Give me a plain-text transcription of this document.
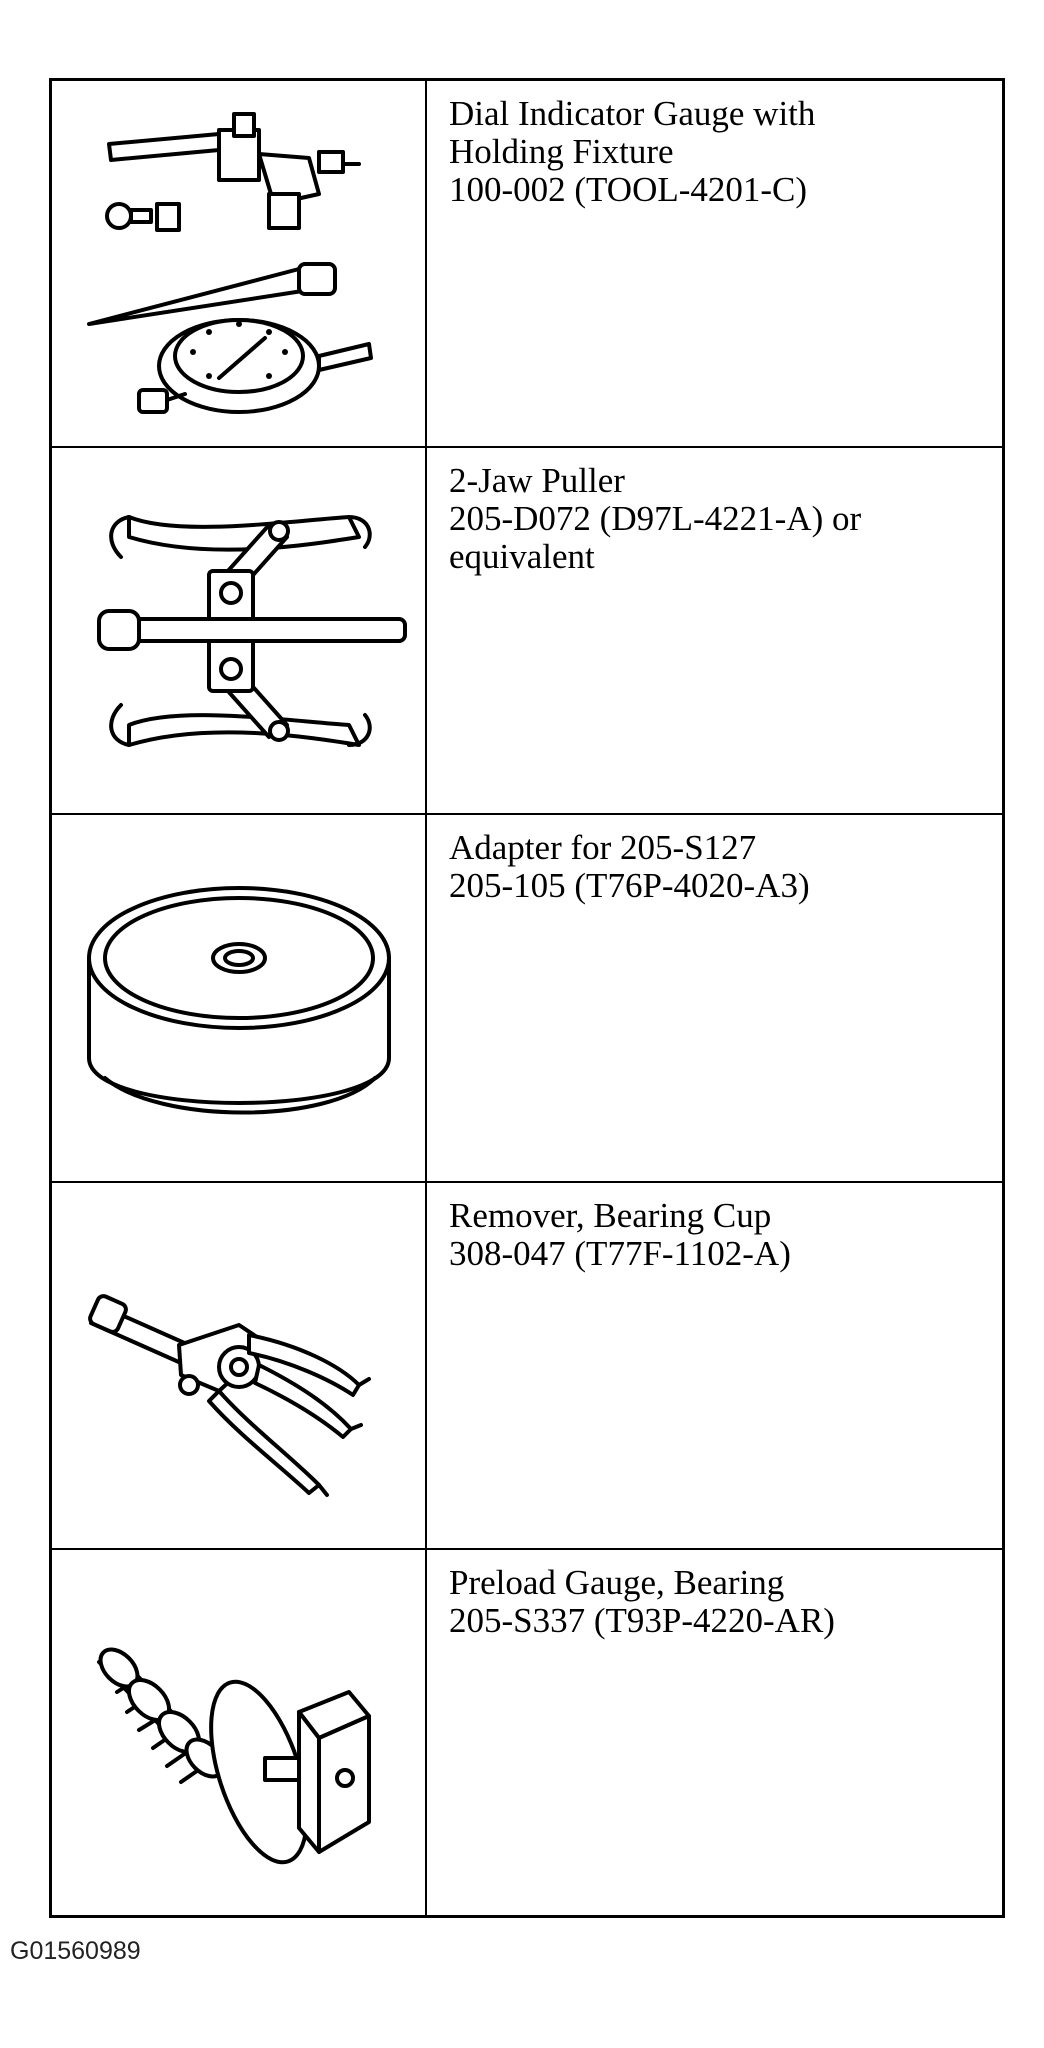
Dial Indicator Gauge with
Holding Fixture
100-002 (TOOL-4201-C)
2-Jaw Puller
205-D072 (D97L-4221-A) or
equivalent
Adapter for 205-S127
205-105 (T76P-4020-A3)
Remover, Bearing Cup
308-047 (T77F-1102-A)
Preload Gauge, Bearing
205-S337 (T93P-4220-AR)
G01560989
